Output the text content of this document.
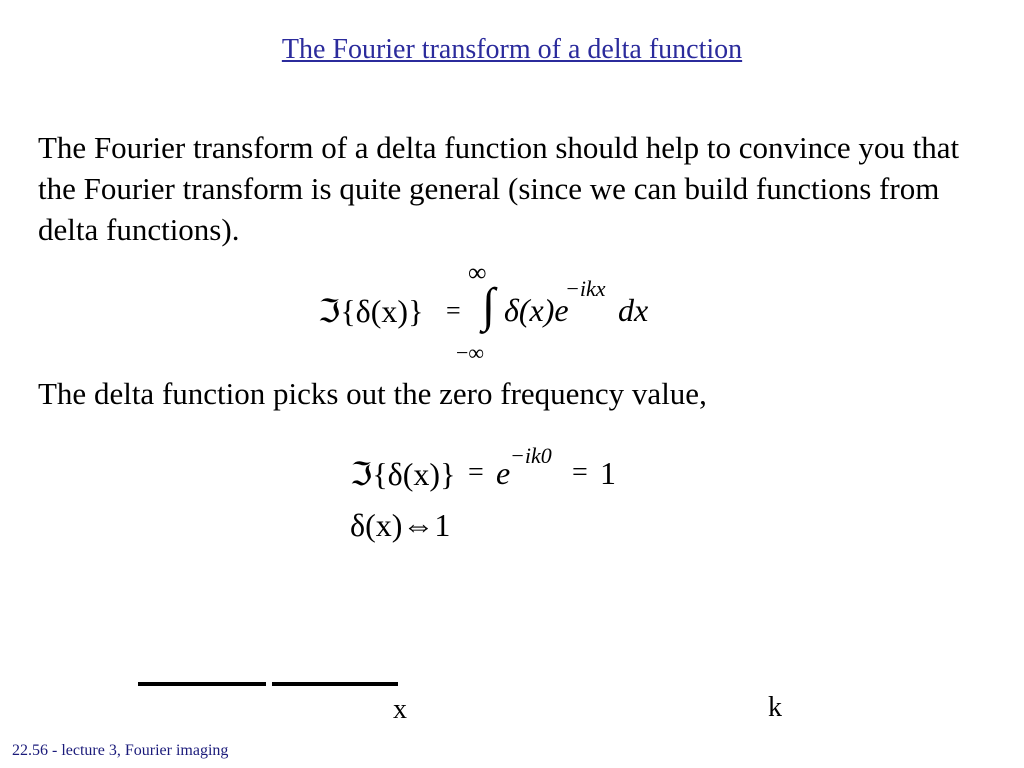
The Fourier transform of a delta function
The Fourier transform of a delta function should help to convince you that the Fourier transform is quite general (since we can build functions from delta functions).
ℑ{δ(x)} =
∞
∫
−∞
δ(x)e
−ikx
dx
The delta function picks out the zero frequency value,
ℑ{δ(x)} = e −ik0
= 1
δ(x)⇔1
x	k
22.56 - lecture 3, Fourier imaging
